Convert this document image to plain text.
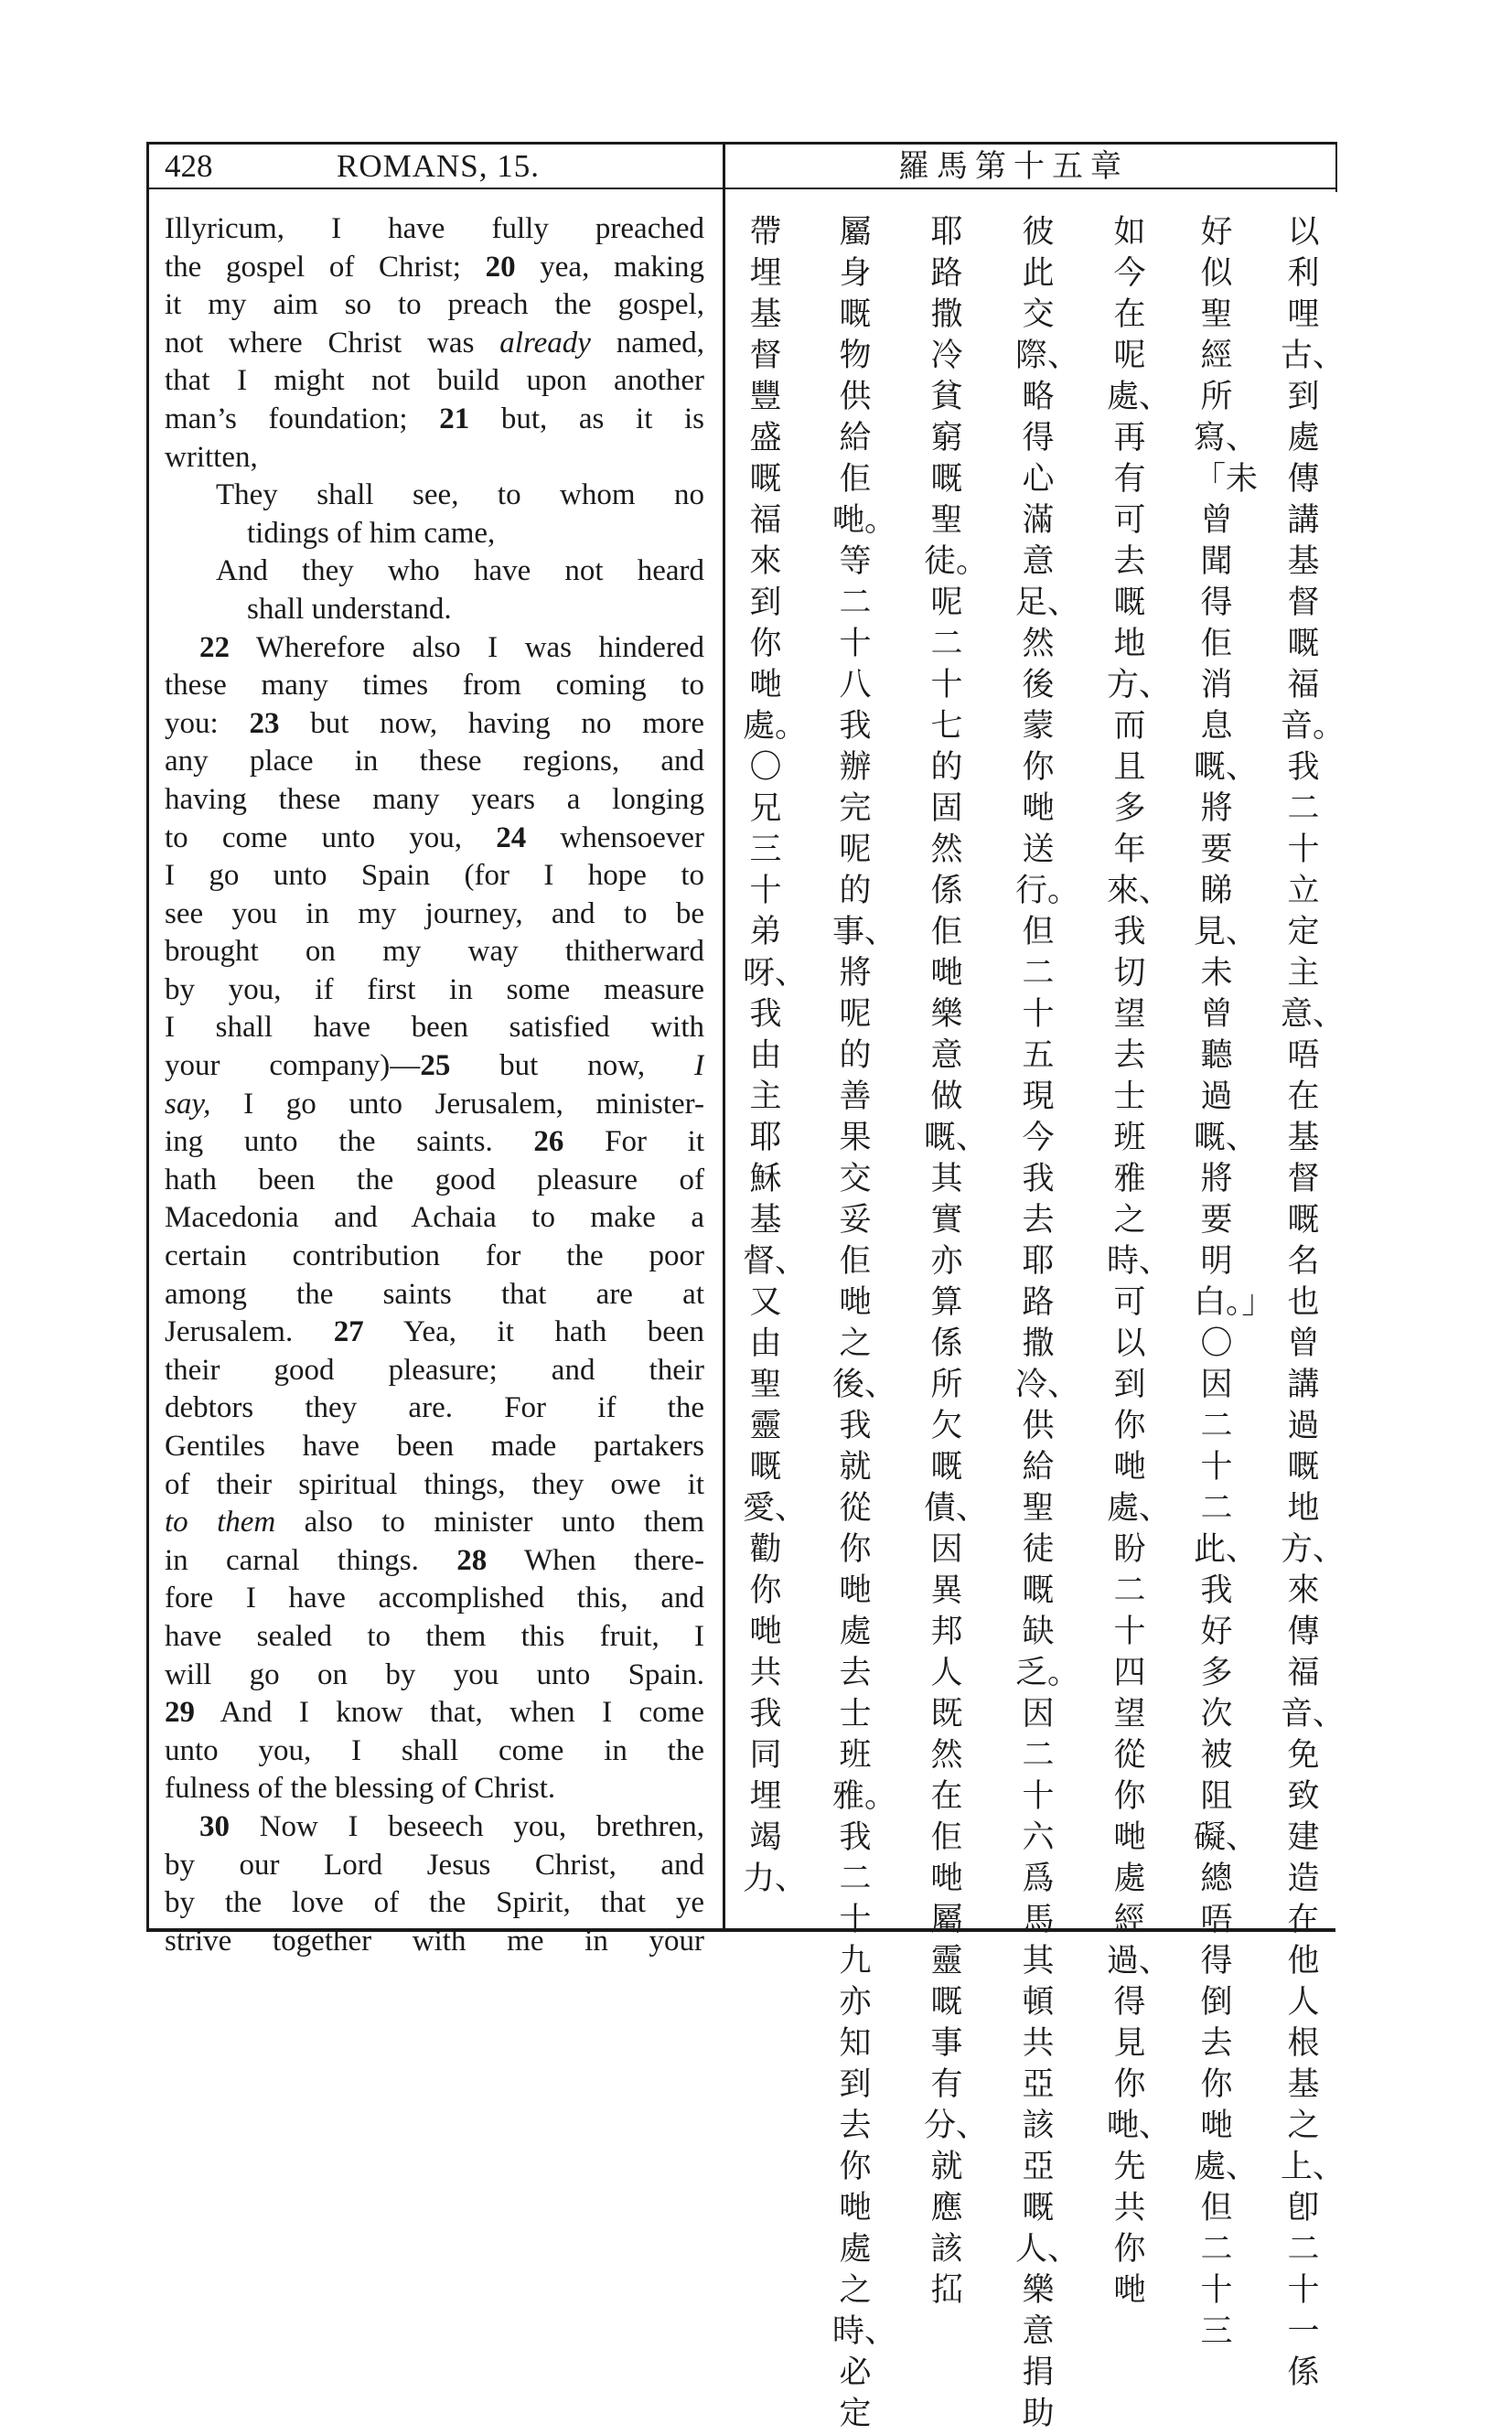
428	ROMANS, 15.	羅馬第十五章
Illyricum, I have fully preached
the gospel of Christ; 20 yea, making
it my aim so to preach the gospel,
not where Christ was already named,
that I might not build upon another
man’s foundation; 21 but, as it is
written,
They shall see, to whom no
tidings of him came,
And they who have not heard
shall understand.
22 Wherefore also I was hindered
these many times from coming to
you: 23 but now, having no more
any place in these regions, and
having these many years a longing
to come unto you, 24 whensoever
I go unto Spain (for I hope to
see you in my journey, and to be
brought on my way thitherward
by you, if first in some measure
I shall have been satisfied with
your company)—25 but now, I
say, I go unto Jerusalem, minister-
ing unto the saints. 26 For it
hath been the good pleasure of
Macedonia and Achaia to make a
certain contribution for the poor
among the saints that are at
Jerusalem. 27 Yea, it hath been
their good pleasure; and their
debtors they are. For if the
Gentiles have been made partakers
of their spiritual things, they owe it
to them also to minister unto them
in carnal things. 28 When there-
fore I have accomplished this, and
have sealed to them this fruit, I
will go on by you unto Spain.
29 And I know that, when I come
unto you, I shall come in the
fulness of the blessing of Christ.
30 Now I beseech you, brethren,
by our Lord Jesus Christ, and
by the love of the Spirit, that ye
strive together with me in your
以利哩古、到處傳講基督嘅福音。我二十立定主意、唔在基督嘅名也曾講過嘅地方、來傳福音、免致建造在他人根基之上、卽二十一係
好似聖經所寫、「未曾聞得佢消息嘅、將要睇見、未曾聽過嘅、將要明白。」〇因二十二此、我好多次被阻礙、總唔得倒去你哋處、但二十三
如今在呢處、再有可去嘅地方、而且多年來、我切望去士班雅之時、可以到你哋處、盼二十四望從你哋處經過、得見你哋、先共你哋
彼此交際、略得心滿意足、然後蒙你哋送行。但二十五現今我去耶路撒冷、供給聖徒嘅缺乏。因二十六爲馬其頓共亞該亞嘅人、樂意捐助
耶路撒冷貧窮嘅聖徒。呢二十七的固然係佢哋樂意做嘅、其實亦算係所欠嘅債、因異邦人既然在佢哋屬靈嘅事有分、就應該𢫏
屬身嘅物供給佢哋。等二十八我辦完呢的事、將呢的善果交妥佢哋之後、我就從你哋處去士班雅。我二十九亦知到去你哋處之時、必定
帶埋基督豐盛嘅福來到你哋處。〇兄三十弟呀、我由主耶穌基督、又由聖靈嘅愛、勸你哋共我同埋竭力、
